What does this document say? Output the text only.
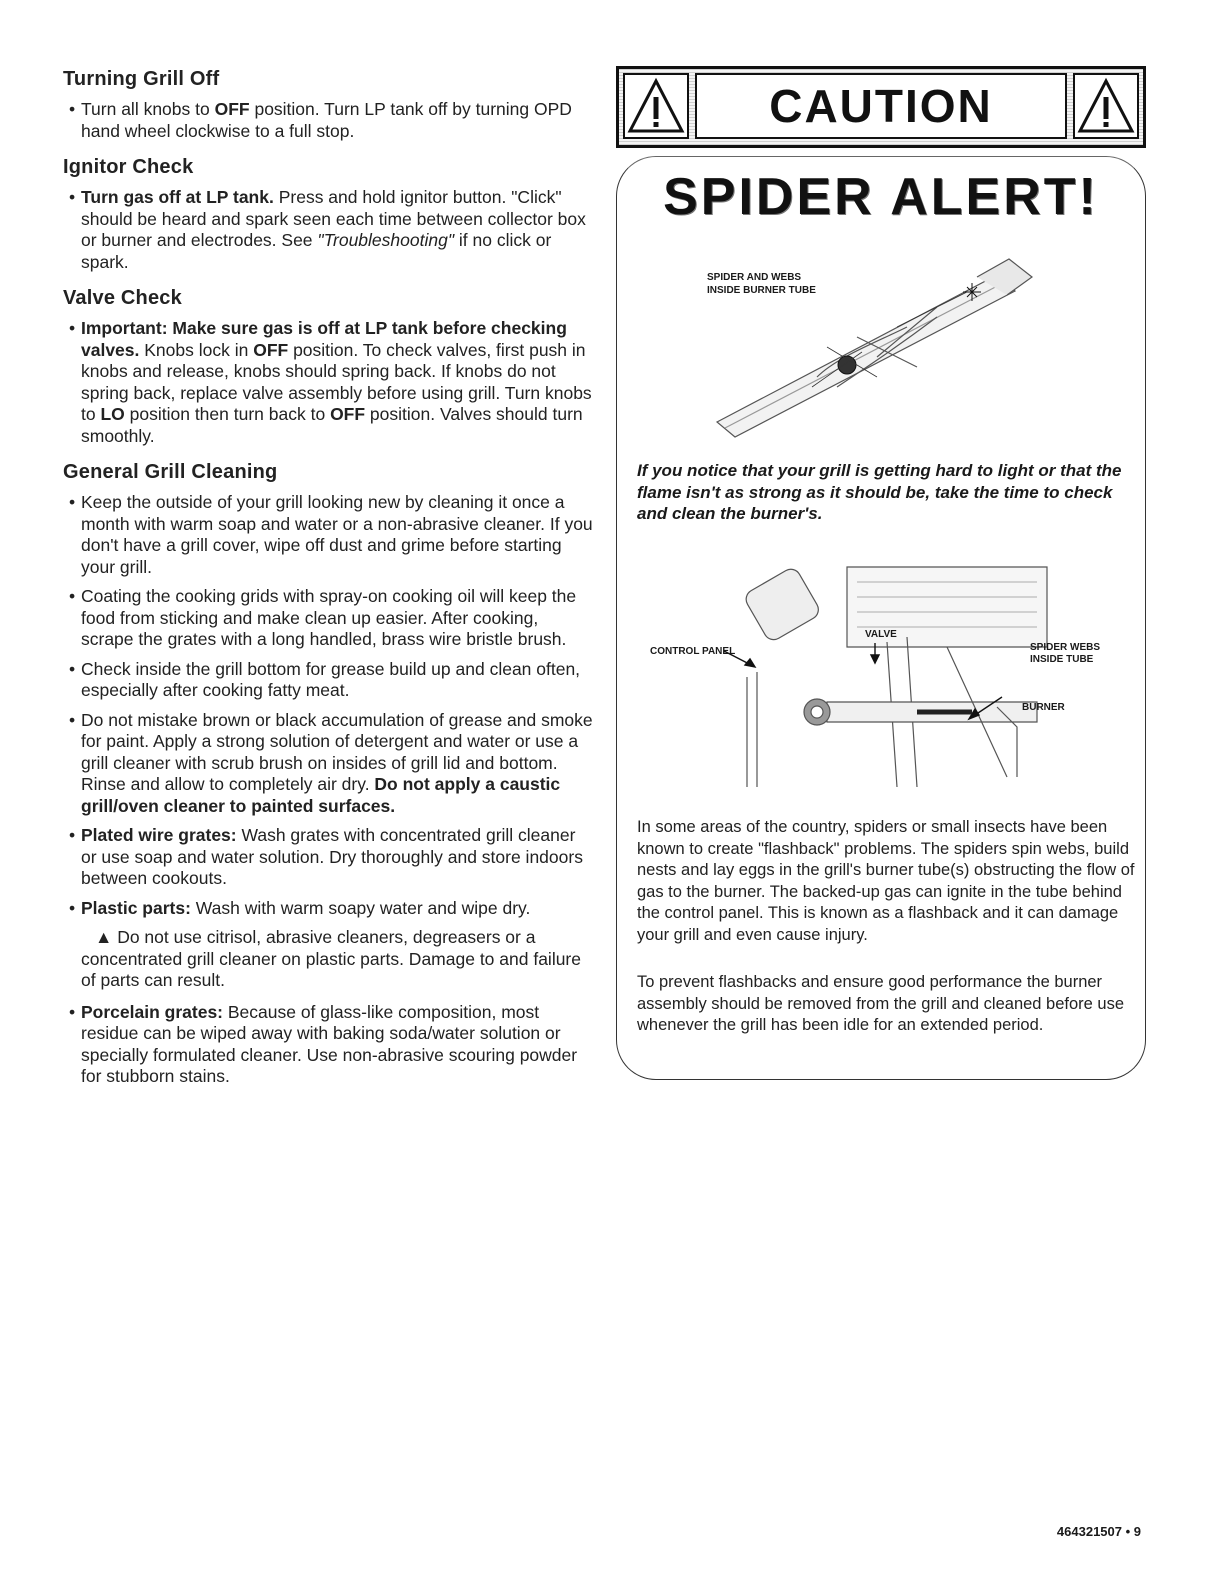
Turning Grill Off

• Turn all knobs to OFF position. Turn LP tank off by turning OPD hand wheel clockwise to a full stop.

Ignitor Check

• Turn gas off at LP tank. Press and hold ignitor button. "Click" should be heard and spark seen each time between collector box or burner and electrodes. See "Troubleshooting" if no click or spark.

Valve Check

• Important: Make sure gas is off at LP tank before checking valves. Knobs lock in OFF position. To check valves, first push in knobs and release, knobs should spring back. If knobs do not spring back, replace valve assembly before using grill. Turn knobs to LO position then turn back to OFF position. Valves should turn smoothly.

General Grill Cleaning

• Keep the outside of your grill looking new by cleaning it once a month with warm soap and water or a non-abrasive cleaner. If you don't have a grill cover, wipe off dust and grime before starting your grill.

• Coating the cooking grids with spray-on cooking oil will keep the food from sticking and make clean up easier. After cooking, scrape the grates with a long handled, brass wire bristle brush.

• Check inside the grill bottom for grease build up and clean often, especially after cooking fatty meat.

• Do not mistake brown or black accumulation of grease and smoke for paint. Apply a strong solution of detergent and water or use a grill cleaner with scrub brush on insides of grill lid and bottom. Rinse and allow to completely air dry. Do not apply a caustic grill/oven cleaner to painted surfaces.

• Plated wire grates: Wash grates with concentrated grill cleaner or use soap and water solution. Dry thoroughly and store indoors between cookouts.

• Plastic parts: Wash with warm soapy water and wipe dry.

▲ Do not use citrisol, abrasive cleaners, degreasers or a concentrated grill cleaner on plastic parts. Damage to and failure of parts can result.

• Porcelain grates: Because of glass-like composition, most residue can be wiped away with baking soda/water solution or specially formulated cleaner. Use non-abrasive scouring powder for stubborn stains.

CAUTION
SPIDER ALERT!
SPIDER AND WEBS
INSIDE BURNER TUBE
If you notice that your grill is getting hard to light or that the flame isn't as strong as it should be, take the time to check and clean the burner's.
CONTROL PANEL
VALVE
SPIDER WEBS
INSIDE TUBE
BURNER

In some areas of the country, spiders or small insects have been known to create "flashback" problems. The spiders spin webs, build nests and lay eggs in the grill's burner tube(s) obstructing the flow of gas to the burner. The backed-up gas can ignite in the tube behind the control panel. This is known as a flashback and it can damage your grill and even cause injury.

To prevent flashbacks and ensure good performance the burner assembly should be removed from the grill and cleaned before use whenever the grill has been idle for an extended period.

464321507 • 9
